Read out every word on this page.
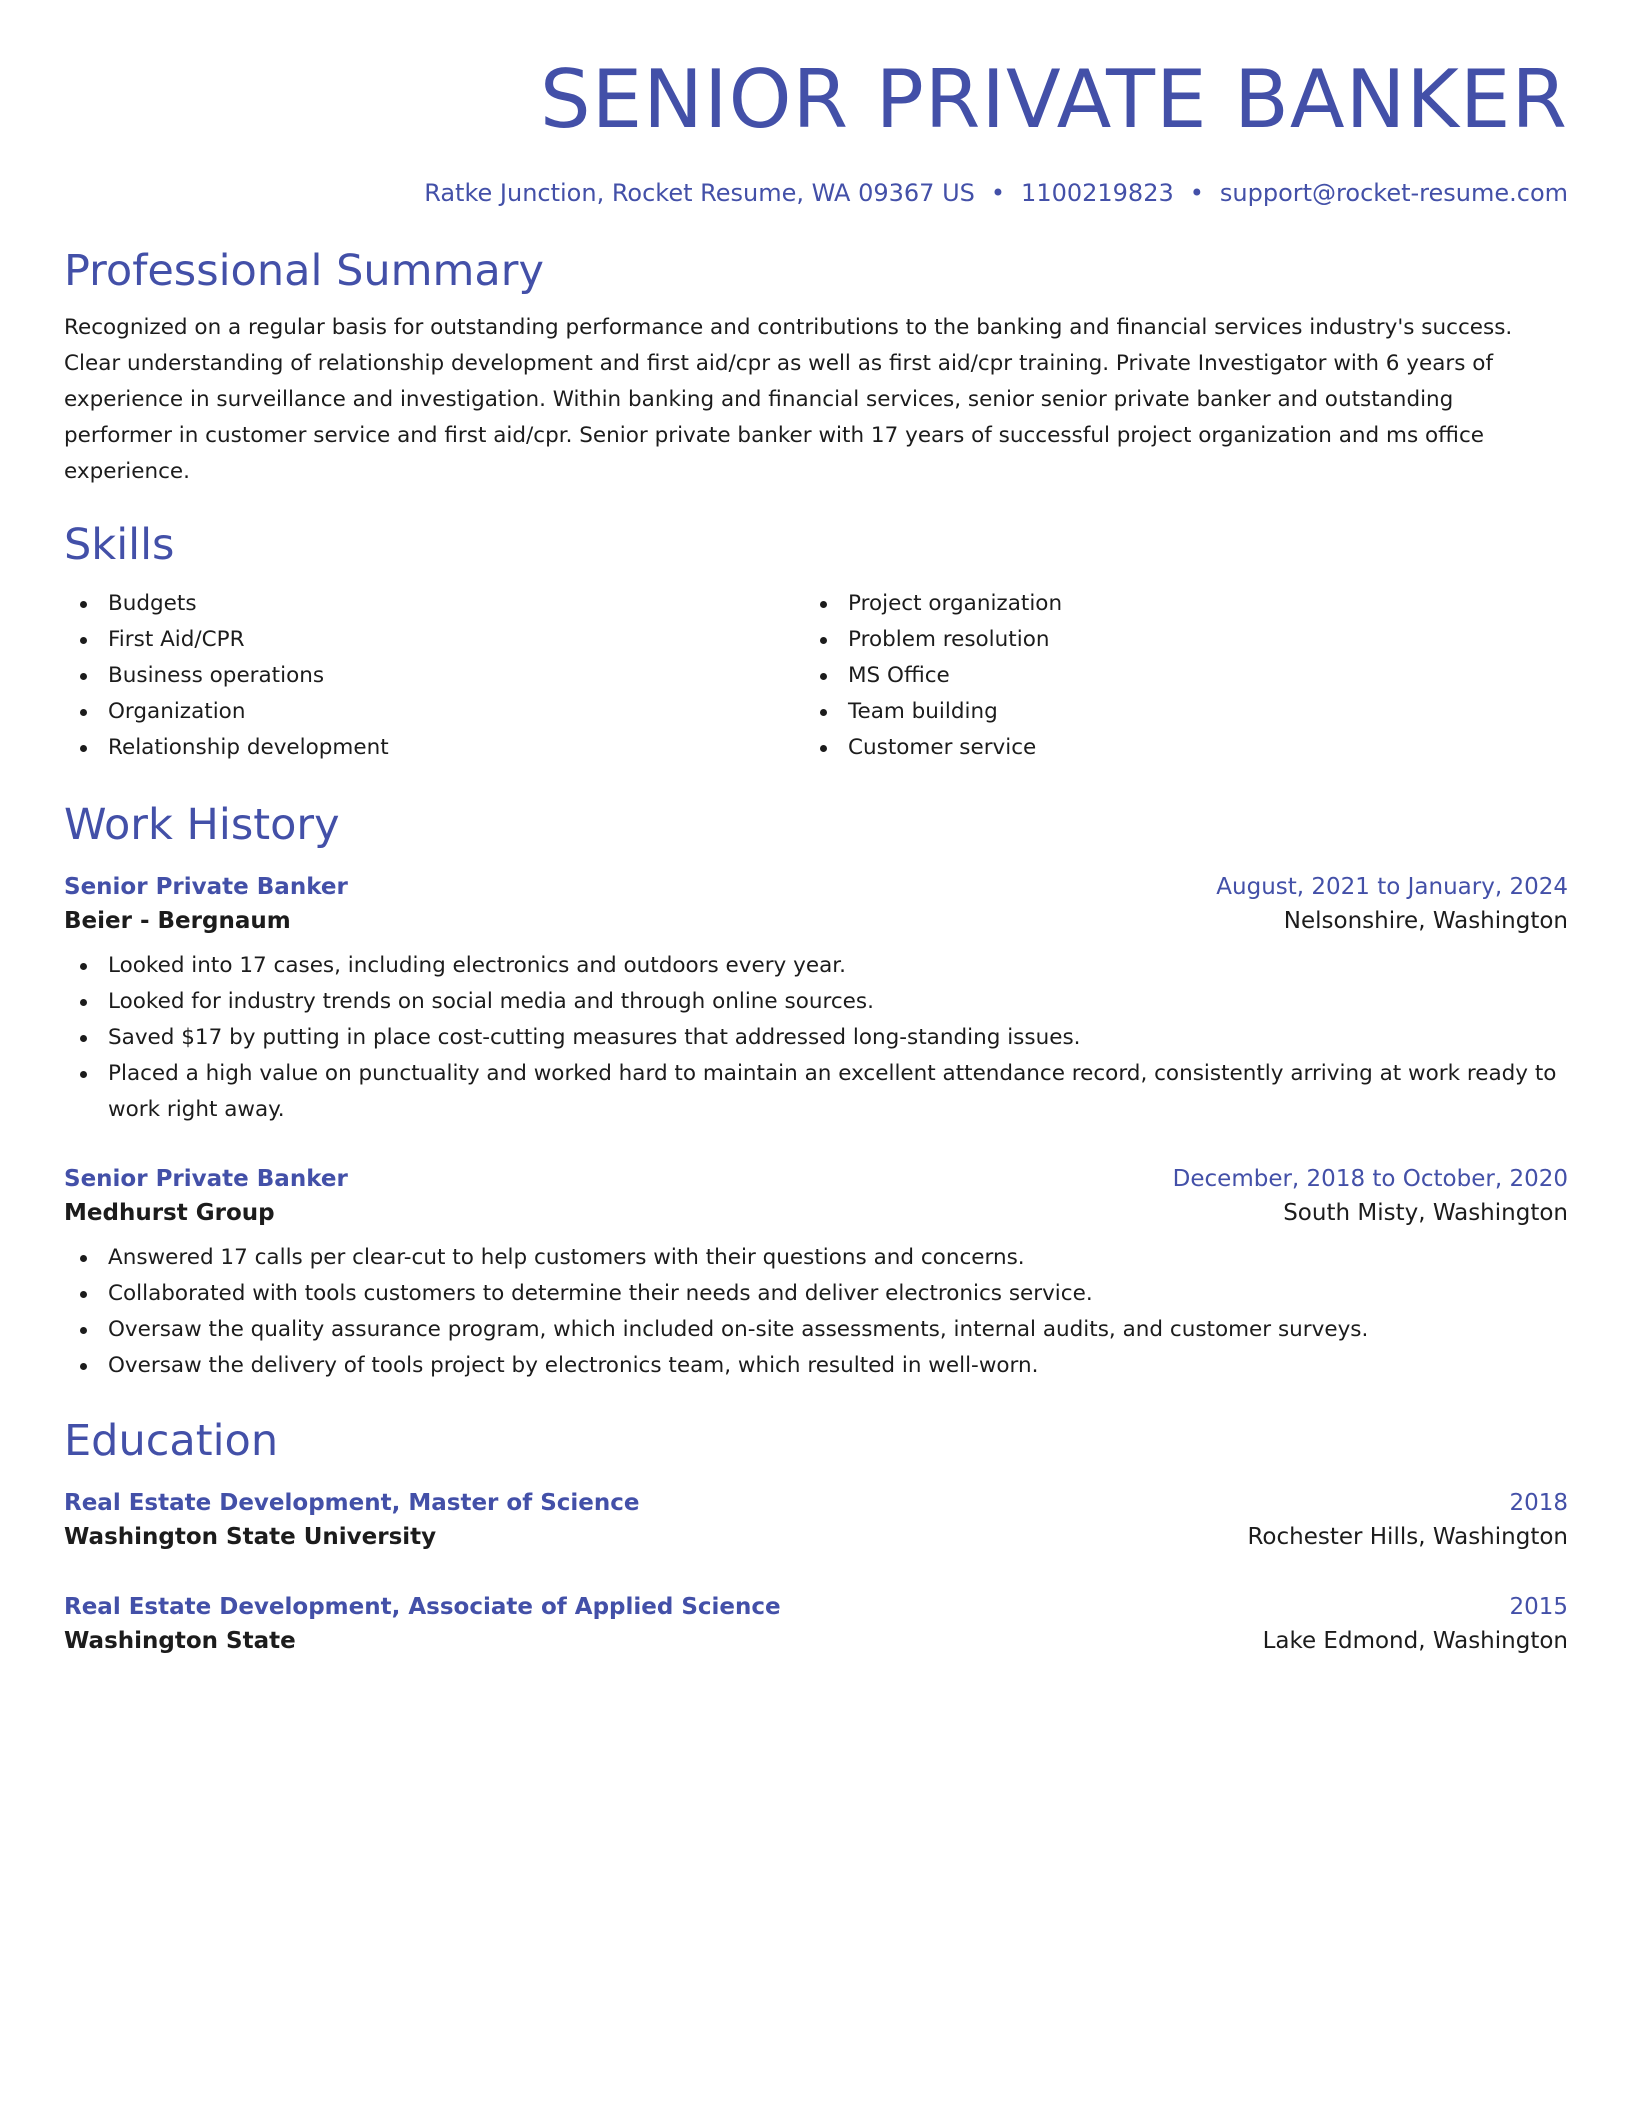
SENIOR PRIVATE BANKER
Ratke Junction, Rocket Resume, WA 09367 US • 1100219823 • support@rocket-resume.com
Professional Summary
Recognized on a regular basis for outstanding performance and contributions to the banking and financial services industry's success. Clear understanding of relationship development and first aid/cpr as well as first aid/cpr training. Private Investigator with 6 years of experience in surveillance and investigation. Within banking and financial services, senior senior private banker and outstanding performer in customer service and first aid/cpr. Senior private banker with 17 years of successful project organization and ms office experience.
Skills
Budgets
First Aid/CPR
Business operations
Organization
Relationship development
Project organization
Problem resolution
MS Office
Team building
Customer service
Work History
Senior Private Banker	August, 2021 to January, 2024
Beier - Bergnaum	Nelsonshire, Washington
Looked into 17 cases, including electronics and outdoors every year.
Looked for industry trends on social media and through online sources.
Saved $17 by putting in place cost-cutting measures that addressed long-standing issues.
Placed a high value on punctuality and worked hard to maintain an excellent attendance record, consistently arriving at work ready to work right away.
Senior Private Banker	December, 2018 to October, 2020
Medhurst Group	South Misty, Washington
Answered 17 calls per clear-cut to help customers with their questions and concerns.
Collaborated with tools customers to determine their needs and deliver electronics service.
Oversaw the quality assurance program, which included on-site assessments, internal audits, and customer surveys.
Oversaw the delivery of tools project by electronics team, which resulted in well-worn.
Education
Real Estate Development, Master of Science	2018
Washington State University	Rochester Hills, Washington
Real Estate Development, Associate of Applied Science	2015
Washington State	Lake Edmond, Washington
